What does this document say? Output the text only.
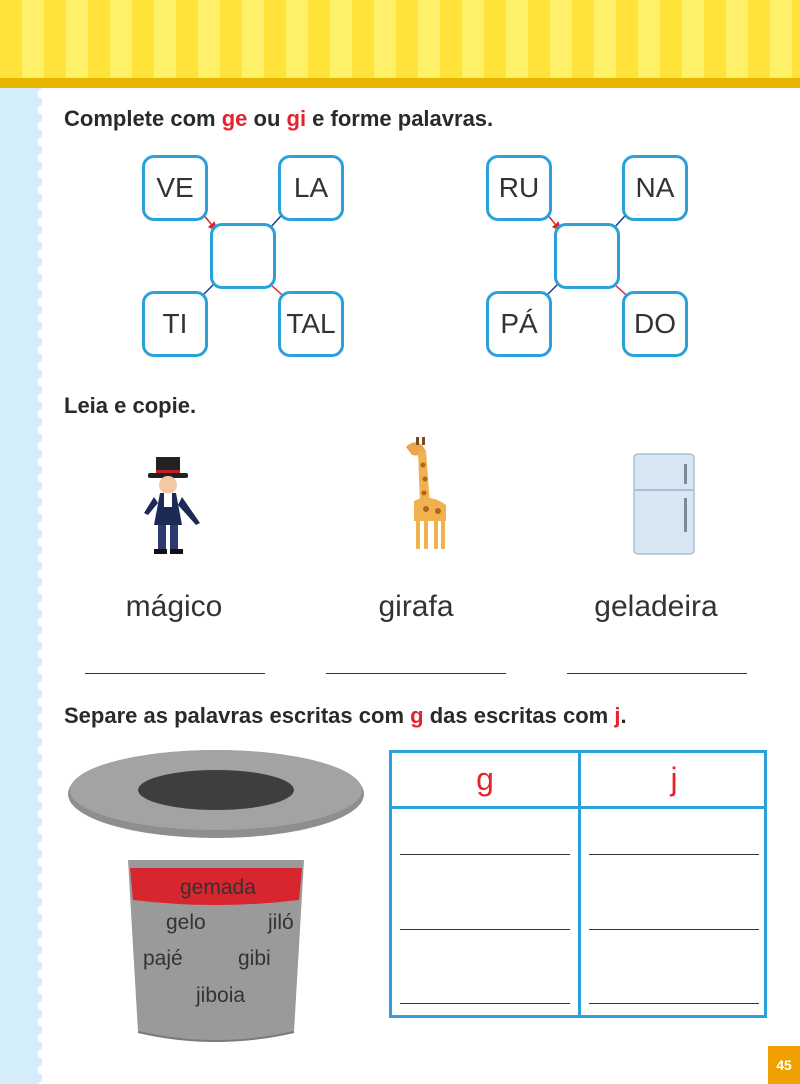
Complete com ge ou gi e forme palavras.
VE	LA
TI	TAL
RU	NA
PÁ	DO
Leia e copie.
mágico	girafa	geladeira
Separe as palavras escritas com g das escritas com j.
gemada
gelo	jiló
pajé	gibi
jiboia
g	j
45
